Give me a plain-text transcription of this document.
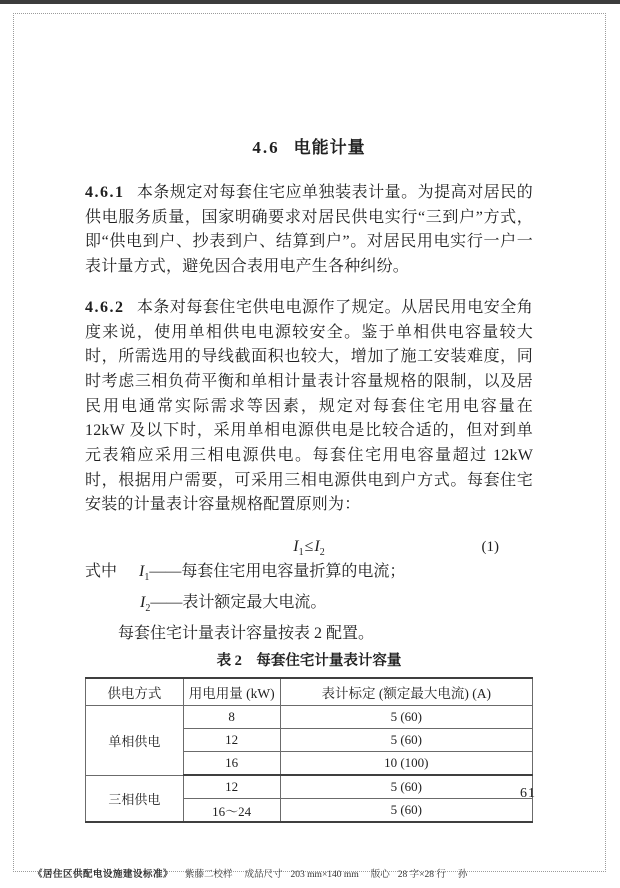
4.6 电能计量

4.6.1 本条规定对每套住宅应单独装表计量。为提高对居民的供电服务质量，国家明确要求对居民供电实行“三到户”方式，即“供电到户、抄表到户、结算到户”。对居民用电实行一户一表计量方式，避免因合表用电产生各种纠纷。

4.6.2 本条对每套住宅供电电源作了规定。从居民用电安全角度来说，使用单相供电电源较安全。鉴于单相供电容量较大时，所需选用的导线截面积也较大，增加了施工安装难度，同时考虑三相负荷平衡和单相计量表计容量规格的限制，以及居民用电通常实际需求等因素，规定对每套住宅用电容量在 12kW 及以下时，采用单相电源供电是比较合适的，但对到单元表箱应采用三相电源供电。每套住宅用电容量超过 12kW 时，根据用户需要，可采用三相电源供电到户方式。每套住宅安装的计量表计容量规格配置原则为：

$I_1\le I_2$	(1)
式中 $I_1——$每套住宅用电容量折算的电流；
$I_2——$表计额定最大电流。
每套住宅计量表计容量按表 2 配置。
表 2　每套住宅计量表计容量
供电方式	用电用量 (kW)	表计标定 (额定最大电流) (A)
单相供电	8	5 (60)
	12	5 (60)
	16	10 (100)
三相供电	12	5 (60)
	16～24	5 (60)
61
《居住区供配电设施建设标准》 紫藤二校样 成品尺寸 203 mm×140 mm 版心 28 字×28 行 孙
